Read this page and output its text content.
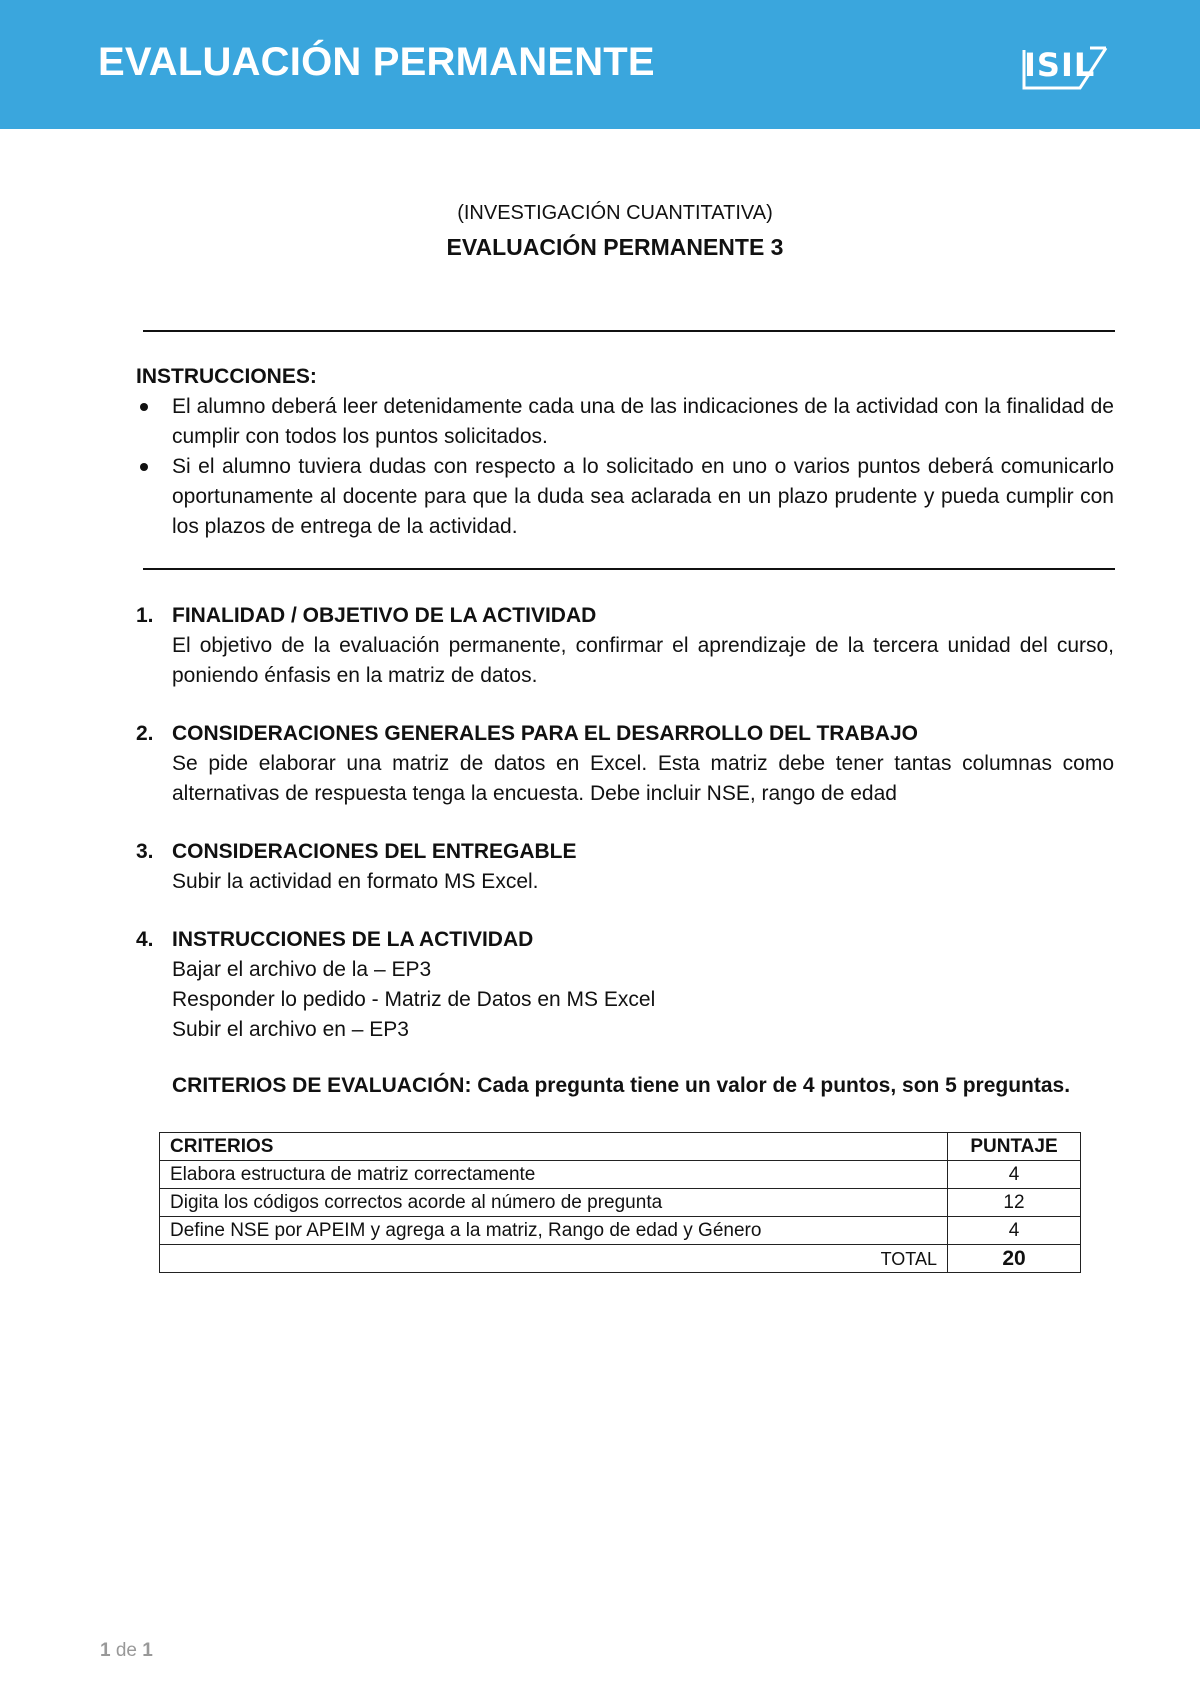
EVALUACIÓN PERMANENTE	ISIL
(INVESTIGACIÓN CUANTITATIVA)
EVALUACIÓN PERMANENTE 3
INSTRUCCIONES:
El alumno deberá leer detenidamente cada una de las indicaciones de la actividad con la finalidad de cumplir con todos los puntos solicitados.
Si el alumno tuviera dudas con respecto a lo solicitado en uno o varios puntos deberá comunicarlo oportunamente al docente para que la duda sea aclarada en un plazo prudente y pueda cumplir con los plazos de entrega de la actividad.
1. FINALIDAD / OBJETIVO DE LA ACTIVIDAD
El objetivo de la evaluación permanente, confirmar el aprendizaje de la tercera unidad del curso, poniendo énfasis en la matriz de datos.
2. CONSIDERACIONES GENERALES PARA EL DESARROLLO DEL TRABAJO
Se pide elaborar una matriz de datos en Excel. Esta matriz debe tener tantas columnas como alternativas de respuesta tenga la encuesta. Debe incluir NSE, rango de edad
3. CONSIDERACIONES DEL ENTREGABLE
Subir la actividad en formato MS Excel.
4. INSTRUCCIONES DE LA ACTIVIDAD
Bajar el archivo de la – EP3
Responder lo pedido - Matriz de Datos en MS Excel
Subir el archivo en – EP3
CRITERIOS DE EVALUACIÓN: Cada pregunta tiene un valor de 4 puntos, son 5 preguntas.
CRITERIOS	PUNTAJE
Elabora estructura de matriz correctamente	4
Digita los códigos correctos acorde al número de pregunta	12
Define NSE por APEIM y agrega a la matriz, Rango de edad y Género	4
TOTAL	20
1 de 1
